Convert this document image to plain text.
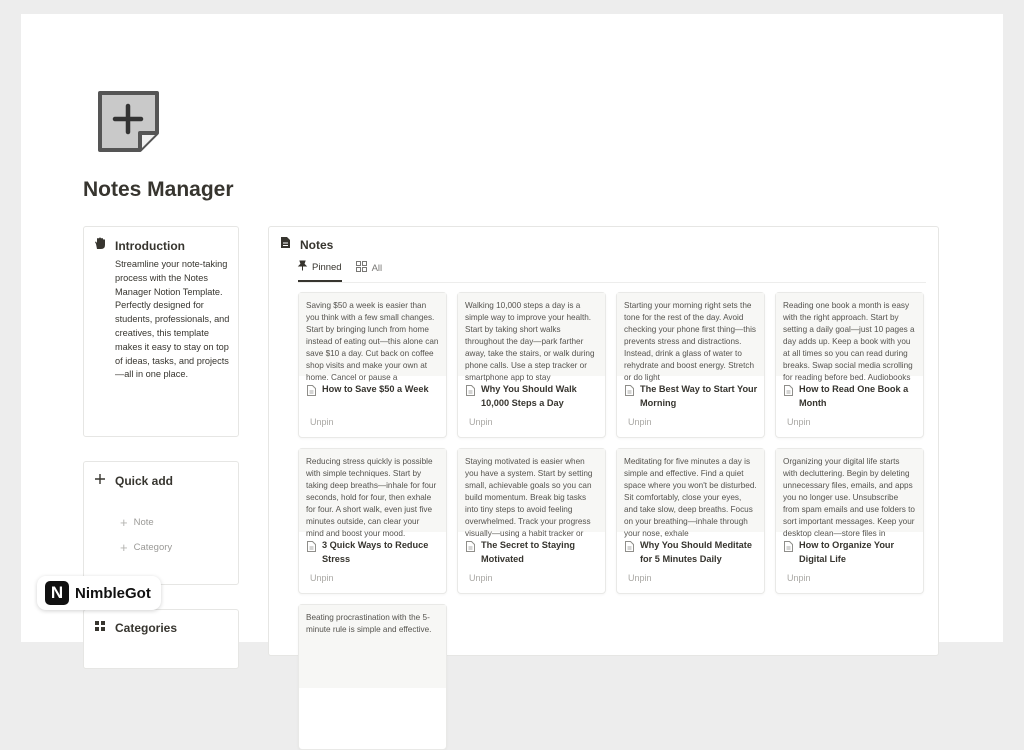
Notes Manager
Introduction
Streamline your note-taking process with the Notes Manager Notion Template. Perfectly designed for students, professionals, and creatives, this template makes it easy to stay on top of ideas, tasks, and projects—all in one place.
Quick add
+ Note
+ Category
Categories
Notes
Pinned	All
Saving $50 a week is easier than you think with a few small changes. Start by bringing lunch from home instead of eating out—this alone can save $10 a day. Cut back on coffee shop visits and make your own at home. Cancel or pause a
How to Save $50 a Week
Unpin
Walking 10,000 steps a day is a simple way to improve your health. Start by taking short walks throughout the day—park farther away, take the stairs, or walk during phone calls. Use a step tracker or smartphone app to stay
Why You Should Walk 10,000 Steps a Day
Unpin
Starting your morning right sets the tone for the rest of the day. Avoid checking your phone first thing—this prevents stress and distractions. Instead, drink a glass of water to rehydrate and boost energy. Stretch or do light
The Best Way to Start Your Morning
Unpin
Reading one book a month is easy with the right approach. Start by setting a daily goal—just 10 pages a day adds up. Keep a book with you at all times so you can read during breaks. Swap social media scrolling for reading before bed. Audiobooks
How to Read One Book a Month
Unpin
Reducing stress quickly is possible with simple techniques. Start by taking deep breaths—inhale for four seconds, hold for four, then exhale for four. A short walk, even just five minutes outside, can clear your mind and boost your mood.
3 Quick Ways to Reduce Stress
Unpin
Staying motivated is easier when you have a system. Start by setting small, achievable goals so you can build momentum. Break big tasks into tiny steps to avoid feeling overwhelmed. Track your progress visually—using a habit tracker or
The Secret to Staying Motivated
Unpin
Meditating for five minutes a day is simple and effective. Find a quiet space where you won't be disturbed. Sit comfortably, close your eyes, and take slow, deep breaths. Focus on your breathing—inhale through your nose, exhale
Why You Should Meditate for 5 Minutes Daily
Unpin
Organizing your digital life starts with decluttering. Begin by deleting unnecessary files, emails, and apps you no longer use. Unsubscribe from spam emails and use folders to sort important messages. Keep your desktop clean—store files in
How to Organize Your Digital Life
Unpin
Beating procrastination with the 5-minute rule is simple and effective.
N NimbleGot
